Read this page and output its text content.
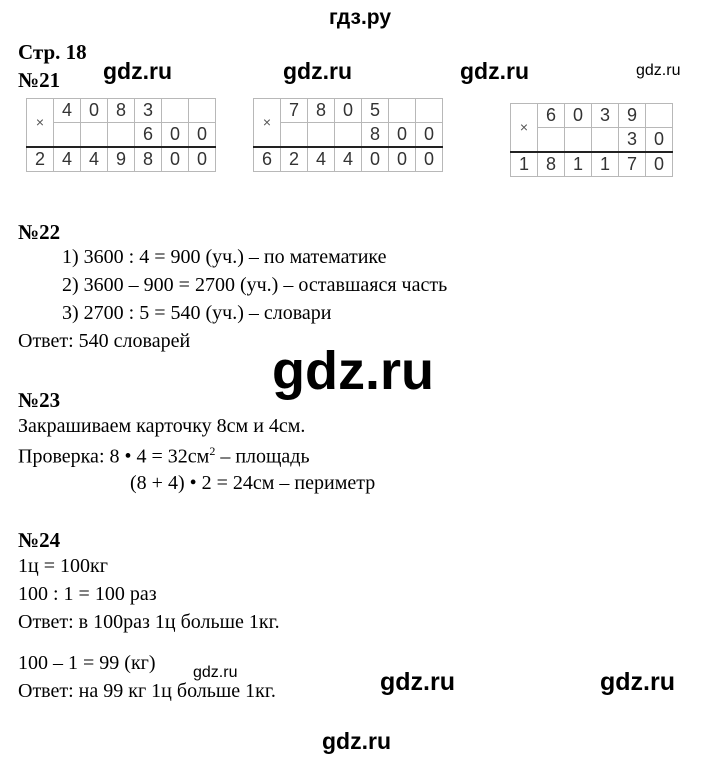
гдз.ру
Стр. 18
№21 gdz.ru	gdz.ru	gdz.ru	gdz.ru
×	4	0	8	3		
				6	0	0
2	4	4	9	8	0	0
×	7	8	0	5		
				8	0	0
6	2	4	4	0	0	0
×	6	0	3	9	
				3	0
1	8	1	1	7	0
№22
1) 3600 : 4 = 900 (уч.) – по математике
2) 3600 – 900 = 2700 (уч.) – оставшаяся часть
3) 2700 : 5 = 540 (уч.) – словари
Ответ: 540 словарей gdz.ru
№23
Закрашиваем карточку 8см и 4см.
Проверка: 8 • $4 = 32см^2$ – площадь
(8 + 4) • 2 = 24см – периметр
№24
1ц = 100кг
100 : 1 = 100 раз
Ответ: в 100раз 1ц больше 1кг.
100 – 1 = 99 (кг)
Ответ: на 99 кг 1ц больше 1кг.
gdz.ru	gdz.ru	gdz.ru
gdz.ru
